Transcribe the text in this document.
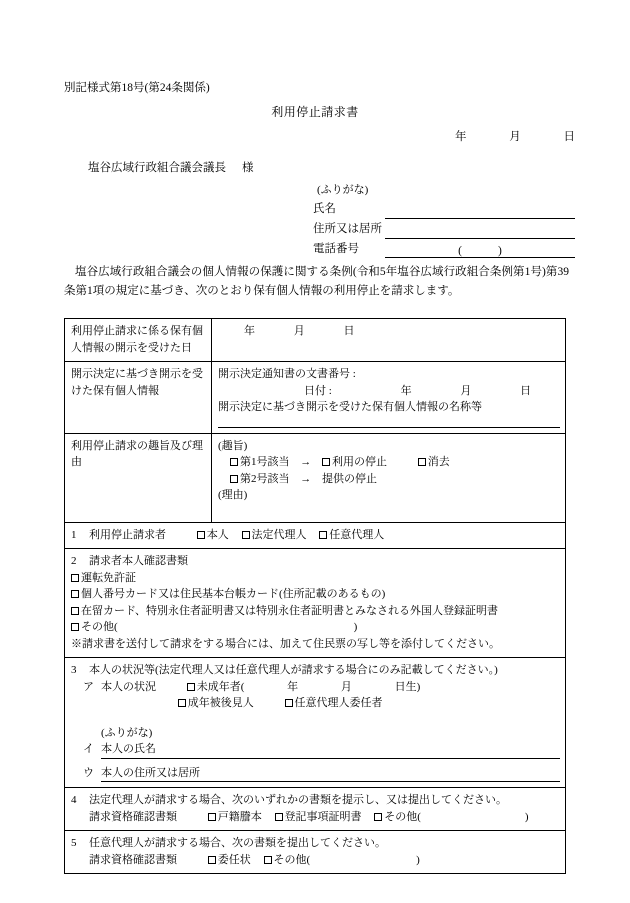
別記様式第18号(第24条関係)
利用停止請求書
年	月	日
塩谷広域行政組合議会議長 様
(ふりがな)
氏名
住所又は居所
電話番号	(	)
塩谷広域行政組合議会の個人情報の保護に関する条例(令和5年塩谷広域行政組合条例第1号)第39条第1項の規定に基づき、次のとおり保有個人情報の利用停止を請求します。
利用停止請求に係る保有個人情報の開示を受けた日	年 月 日
開示決定に基づき開示を受けた保有個人情報	開示決定通知書の文書番号 :
日付 : 年 月 日
開示決定に基づき開示を受けた保有個人情報の名称等

利用停止請求の趣旨及び理由	(趣旨)
第1号該当 → 利用の停止 消去
第2号該当 → 提供の停止
(理由)

1 利用停止請求者 本人 法定代理人 任意代理人	

2	請求者本人確認書類
運転免許証
個人番号カード又は住民基本台帳カード(住所記載のあるもの)
在留カード、特別永住者証明書又は特別永住者証明書とみなされる外国人登録証明書
その他(	)
※請求書を送付して請求をする場合には、加えて住民票の写し等を添付してください。

3	本人の状況等(法定代理人又は任意代理人が請求する場合にのみ記載してください。)
ア 本人の状況	未成年者(	年	月	日生)
成年被後見人	任意代理人委任者
(ふりがな)
イ 本人の氏名
ウ 本人の住所又は居所

4 法定代理人が請求する場合、次のいずれかの書類を提示し、又は提出してください。
請求資格確認書類 戸籍謄本 登記事項証明書 その他( )	

5 任意代理人が請求する場合、次の書類を提出してください。
請求資格確認書類 委任状 その他( )	
